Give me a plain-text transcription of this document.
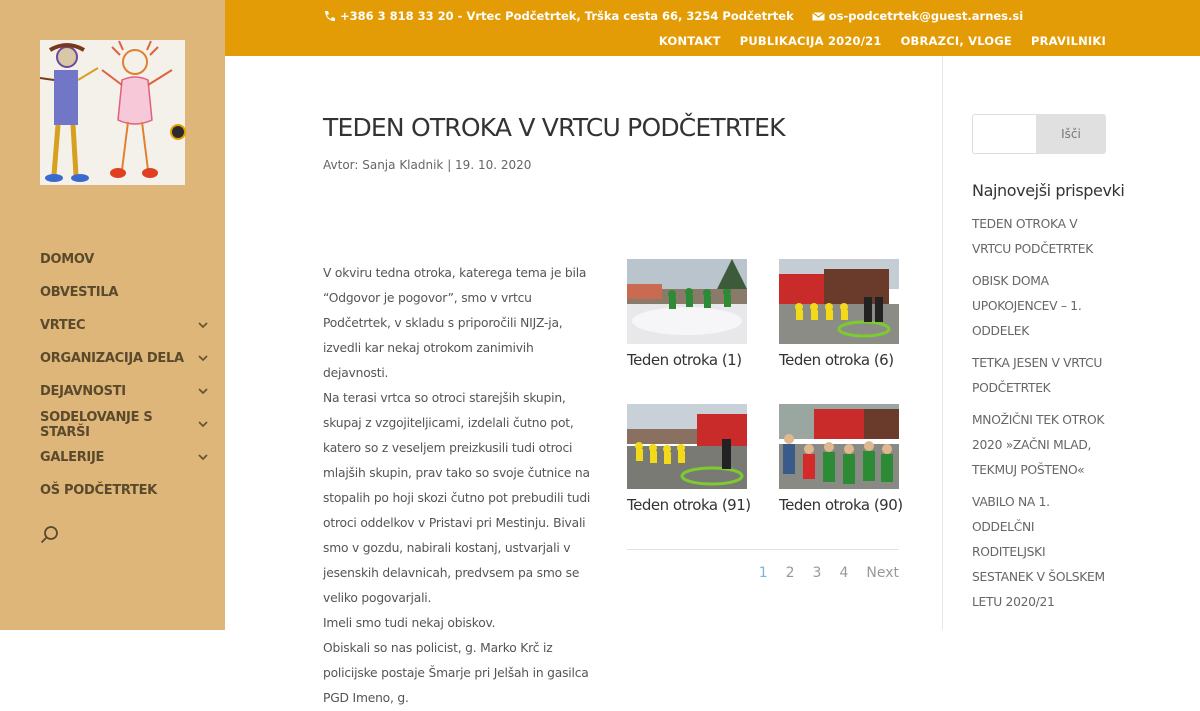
DOMOV
OBVESTILA
VRTEC
ORGANIZACIJA DELA
DEJAVNOSTI
SODELOVANJE S STARŠI
GALERIJE
OŠ PODČETRTEK
+386 3 818 33 20 - Vrtec Podčetrtek, Trška cesta 66, 3254 Podčetrtek	os-podcetrtek@guest.arnes.si
KONTAKT PUBLIKACIJA 2020/21 OBRAZCI, VLOGE PRAVILNIKI
TEDEN OTROKA V VRTCU PODČETRTEK
Avtor: Sanja Kladnik | 19. 10. 2020

V okviru tedna otroka, katerega tema je bila “Odgovor je pogovor”, smo v vrtcu Podčetrtek, v skladu s priporočili NIJZ-ja, izvedli kar nekaj otrokom zanimivih dejavnosti.

Na terasi vrtca so otroci starejših skupin, skupaj z vzgojiteljicami, izdelali čutno pot, katero so z veseljem preizkusili tudi otroci mlajših skupin, prav tako so svoje čutnice na stopalih po hoji skozi čutno pot prebudili tudi otroci oddelkov v Pristavi pri Mestinju. Bivali smo v gozdu, nabirali kostanj, ustvarjali v jesenskih delavnicah, predvsem pa smo se veliko pogovarjali.

Imeli smo tudi nekaj obiskov.

Obiskali so nas policist, g. Marko Krč iz policijske postaje Šmarje pri Jelšah in gasilca PGD Imeno, g.

Teden otroka (1)	Teden otroka (6)
Teden otroka (91) Teden otroka (90)
1 2 3 4 Next
Išči
Najnovejši prispevki
TEDEN OTROKA V VRTCU PODČETRTEK
OBISK DOMA UPOKOJENCEV – 1. ODDELEK
TETKA JESEN V VRTCU PODČETRTEK
MNOŽIČNI TEK OTROK 2020 »ZAČNI MLAD, TEKMUJ POŠTENO«
VABILO NA 1. ODDELČNI RODITELJSKI SESTANEK V ŠOLSKEM LETU 2020/21
